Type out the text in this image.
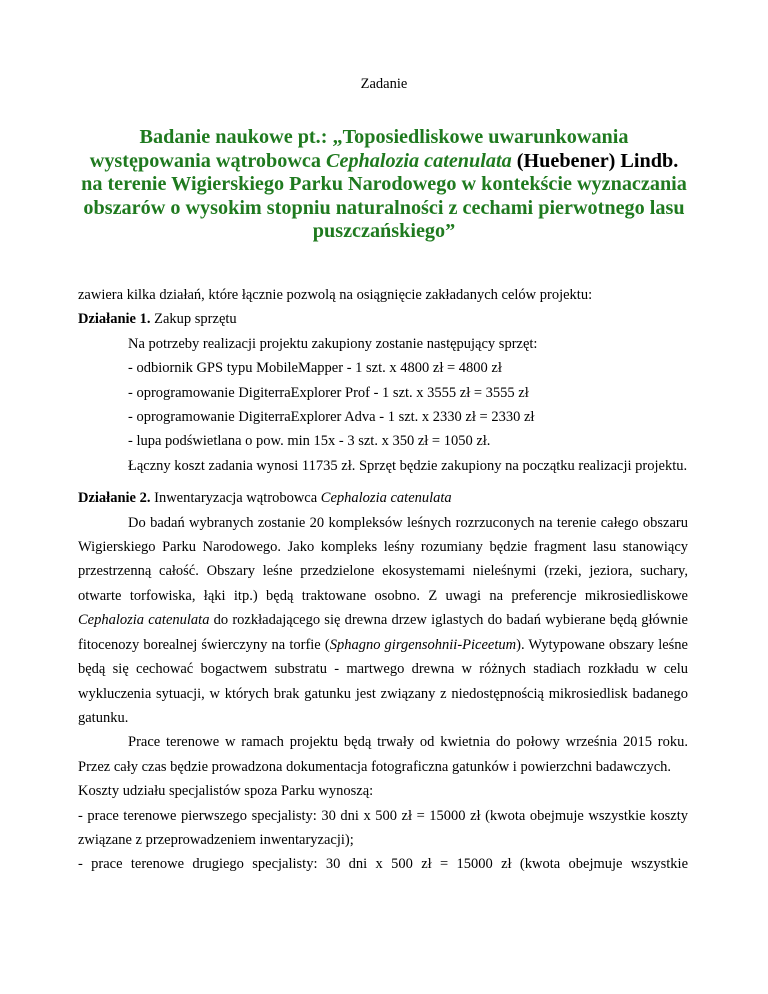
Zadanie
Badanie naukowe pt.: „Toposiedliskowe uwarunkowania występowania wątrobowca Cephalozia catenulata (Huebener) Lindb. na terenie Wigierskiego Parku Narodowego w kontekście wyznaczania obszarów o wysokim stopniu naturalności z cechami pierwotnego lasu puszczańskiego”

zawiera kilka działań, które łącznie pozwolą na osiągnięcie zakładanych celów projektu:

Działanie 1. Zakup sprzętu

Na potrzeby realizacji projektu zakupiony zostanie następujący sprzęt:

- odbiornik GPS typu MobileMapper - 1 szt. x 4800 zł = 4800 zł

- oprogramowanie DigiterraExplorer Prof - 1 szt. x 3555 zł = 3555 zł

- oprogramowanie DigiterraExplorer Adva - 1 szt. x 2330 zł = 2330 zł

- lupa podświetlana o pow. min 15x - 3 szt. x 350 zł = 1050 zł.

Łączny koszt zadania wynosi 11735 zł. Sprzęt będzie zakupiony na początku realizacji projektu.

Działanie 2. Inwentaryzacja wątrobowca Cephalozia catenulata

Do badań wybranych zostanie 20 kompleksów leśnych rozrzuconych na terenie całego obszaru Wigierskiego Parku Narodowego. Jako kompleks leśny rozumiany będzie fragment lasu stanowiący przestrzenną całość. Obszary leśne przedzielone ekosystemami nieleśnymi (rzeki, jeziora, suchary, otwarte torfowiska, łąki itp.) będą traktowane osobno. Z uwagi na preferencje mikrosiedliskowe Cephalozia catenulata do rozkładającego się drewna drzew iglastych do badań wybierane będą głównie fitocenozy borealnej świerczyny na torfie (Sphagno girgensohnii-Piceetum). Wytypowane obszary leśne będą się cechować bogactwem substratu - martwego drewna w różnych stadiach rozkładu w celu wykluczenia sytuacji, w których brak gatunku jest związany z niedostępnością mikrosiedlisk badanego gatunku.

Prace terenowe w ramach projektu będą trwały od kwietnia do połowy września 2015 roku. Przez cały czas będzie prowadzona dokumentacja fotograficzna gatunków i powierzchni badawczych.

Koszty udziału specjalistów spoza Parku wynoszą:

- prace terenowe pierwszego specjalisty: 30 dni x 500 zł = 15000 zł (kwota obejmuje wszystkie koszty związane z przeprowadzeniem inwentaryzacji);

- prace terenowe drugiego specjalisty: 30 dni x 500 zł = 15000 zł (kwota obejmuje wszystkie
